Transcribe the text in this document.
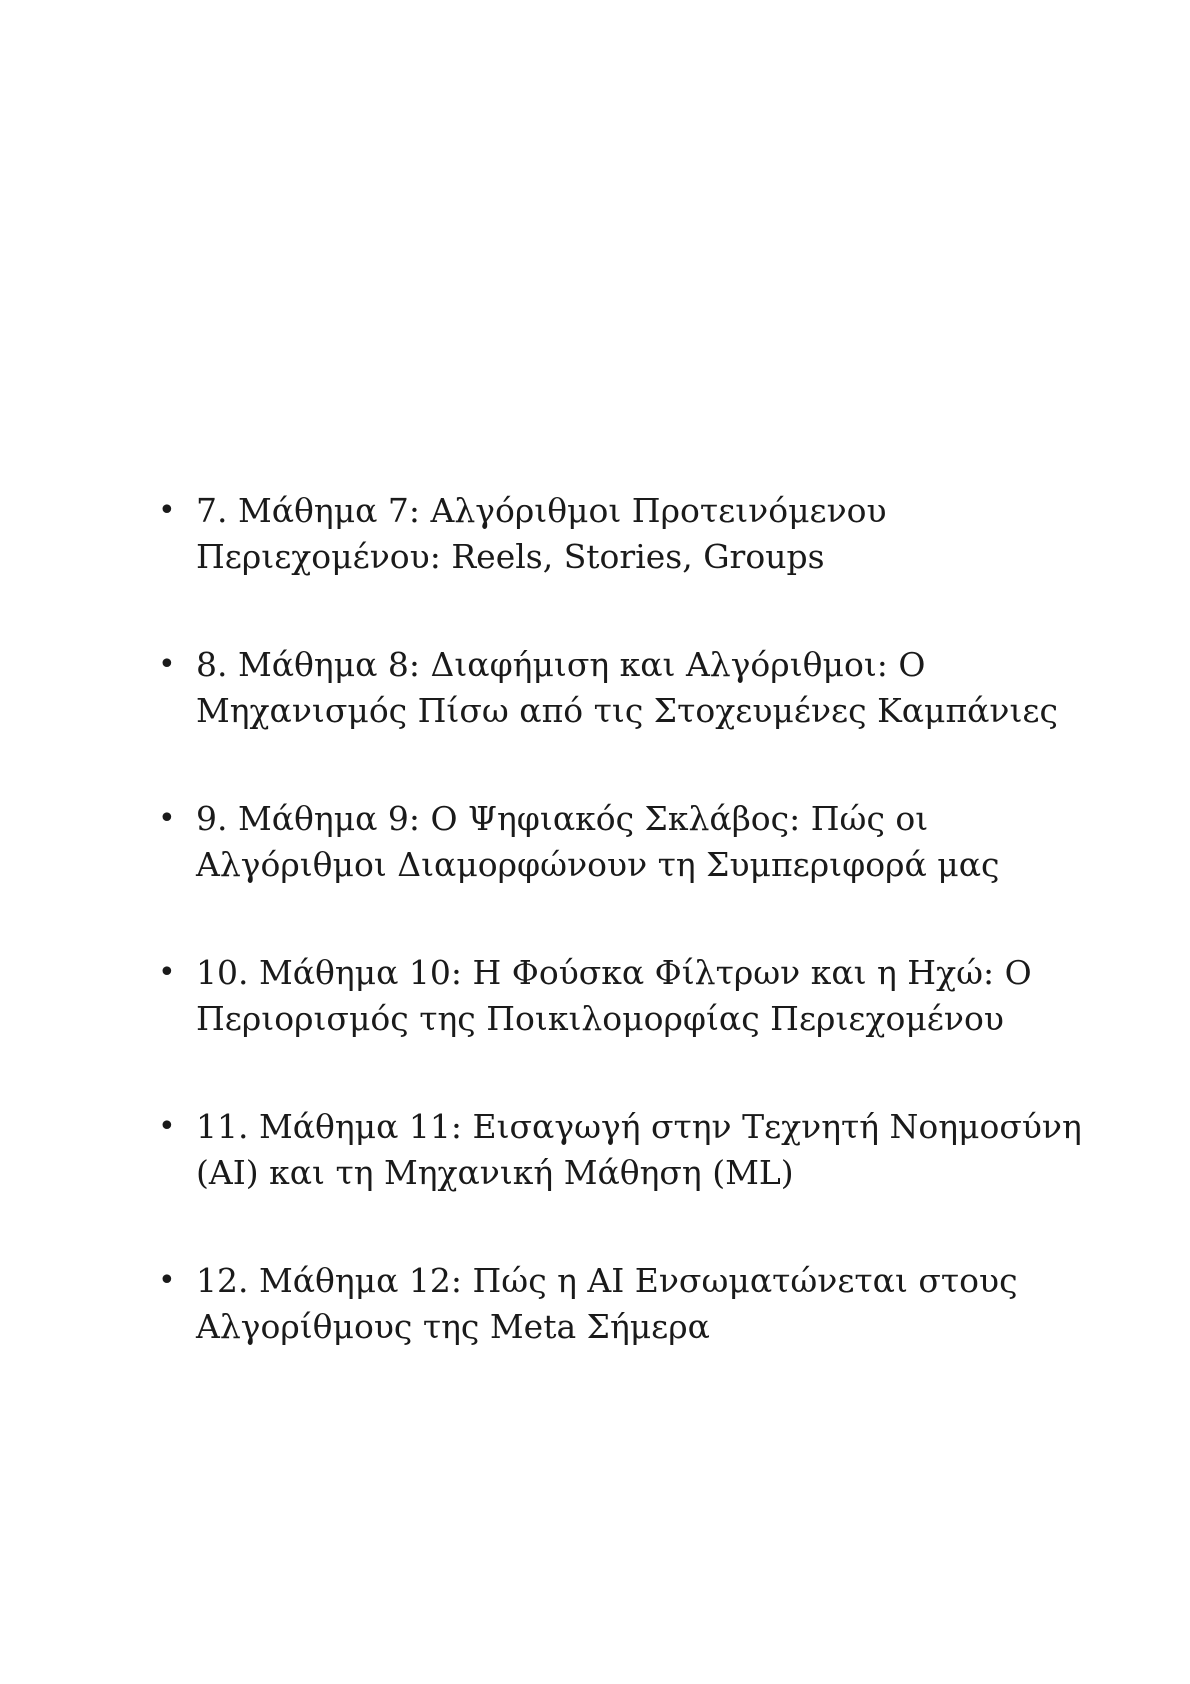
• 7. Μάθημα 7: Αλγόριθμοι Προτεινόμενου
Περιεχομένου: Reels, Stories, Groups
• 8. Μάθημα 8: Διαφήμιση και Αλγόριθμοι: Ο
Μηχανισμός Πίσω από τις Στοχευμένες Καμπάνιες
• 9. Μάθημα 9: Ο Ψηφιακός Σκλάβος: Πώς οι
Αλγόριθμοι Διαμορφώνουν τη Συμπεριφορά μας
• 10. Μάθημα 10: Η Φούσκα Φίλτρων και η Ηχώ: Ο
Περιορισμός της Ποικιλομορφίας Περιεχομένου
• 11. Μάθημα 11: Εισαγωγή στην Τεχνητή Νοημοσύνη
(AI) και τη Μηχανική Μάθηση (ML)
• 12. Μάθημα 12: Πώς η AI Ενσωματώνεται στους
Αλγορίθμους της Meta Σήμερα
